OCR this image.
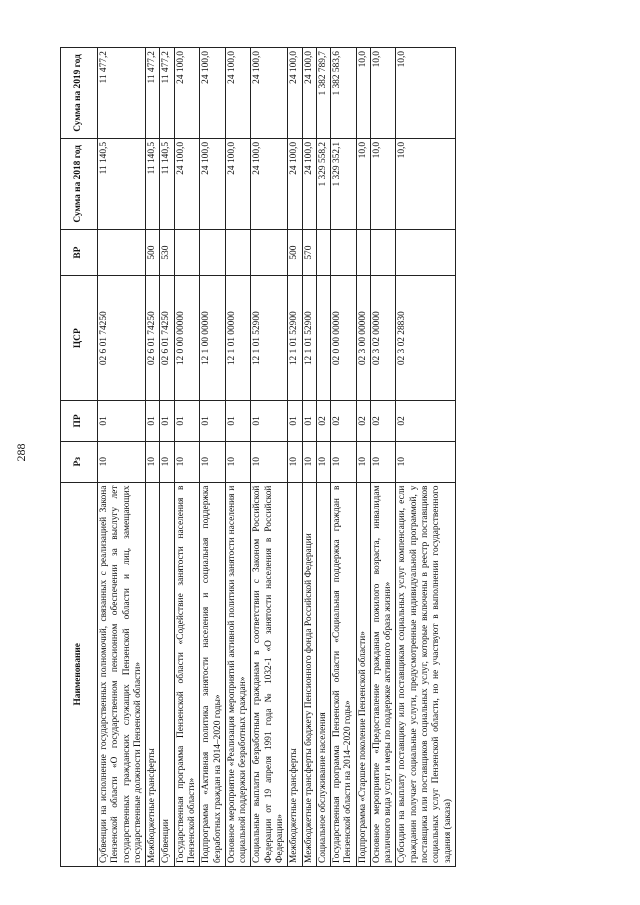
288
Наименование	Рз	ПР	ЦСР	ВР	Сумма на 2018 год	Сумма на 2019 год
Субвенции на исполнение государственных полномочий, связанных с реализацией Закона Пензенской области «О государственном пенсионном обеспечении за выслугу лет государственных гражданских служащих Пензенской области и лиц, замещающих государственные должности Пензенской области»	10	01	02 6 01 74250		11 140,5	11 477,2
Межбюджетные трансферты	10	01	02 6 01 74250	500	11 140,5	11 477,2
Субвенции	10	01	02 6 01 74250	530	11 140,5	11 477,2
Государственная программа Пензенской области «Содействие занятости населения в Пензенской области»	10	01	12 0 00 00000		24 100,0	24 100,0
Подпрограмма «Активная политика занятости населения и социальная поддержка безработных граждан на 2014–2020 годы»	10	01	12 1 00 00000		24 100,0	24 100,0
Основное мероприятие «Реализация мероприятий активной политики занятости населения и социальной поддержки безработных граждан»	10	01	12 1 01 00000		24 100,0	24 100,0
Социальные выплаты безработным гражданам в соответствии с Законом Российской Федерации от 19 апреля 1991 года № 1032-1 «О занятости населения в Российской Федерации»	10	01	12 1 01 52900		24 100,0	24 100,0
Межбюджетные трансферты	10	01	12 1 01 52900	500	24 100,0	24 100,0
Межбюджетные трансферты бюджету Пенсионного фонда Российской Федерации	10	01	12 1 01 52900	570	24 100,0	24 100,0
Социальное обслуживание населения	10	02			1 329 558,2	1 382 789,7
Государственная программа Пензенской области «Социальная поддержка граждан в Пензенской области на 2014–2020 годы»	10	02	02 0 00 00000		1 329 352,1	1 382 583,6
Подпрограмма «Старшее поколение Пензенской области»	10	02	02 3 00 00000		10,0	10,0
Основное мероприятие «Предоставление гражданам пожилого возраста, инвалидам различного вида услуг и меры по поддержке активного образа жизни»	10	02	02 3 02 00000		10,0	10,0
Субсидии на выплату поставщику или поставщикам социальных услуг компенсации, если гражданин получает социальные услуги, предусмотренные индивидуальной программой, у поставщика или поставщиков социальных услуг, которые включены в реестр поставщиков социальных услуг Пензенской области, но не участвуют в выполнении государственного задания (заказа)	10	02	02 3 02 28830		10,0	10,0
